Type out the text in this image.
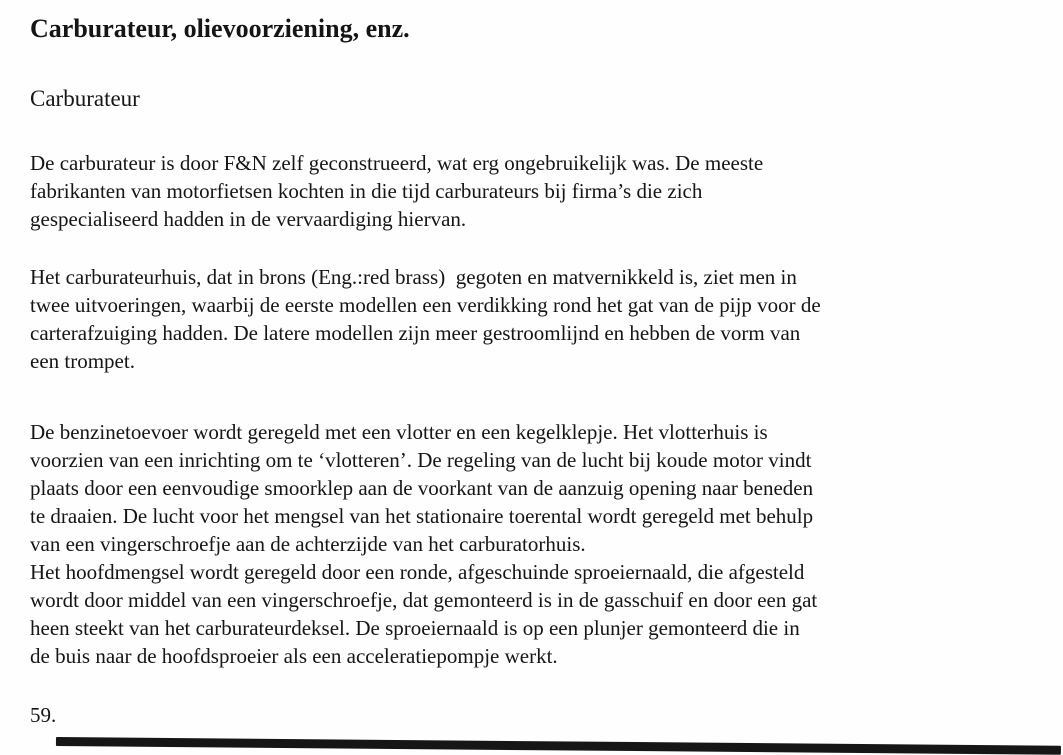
Carburateur, olievoorziening, enz.
Carburateur
De carburateur is door F&N zelf geconstrueerd, wat erg ongebruikelijk was. De meeste
fabrikanten van motorfietsen kochten in die tijd carburateurs bij firma’s die zich
gespecialiseerd hadden in de vervaardiging hiervan.
Het carburateurhuis, dat in brons (Eng.:red brass)  gegoten en matvernikkeld is, ziet men in
twee uitvoeringen, waarbij de eerste modellen een verdikking rond het gat van de pijp voor de
carterafzuiging hadden. De latere modellen zijn meer gestroomlijnd en hebben de vorm van
een trompet.
De benzinetoevoer wordt geregeld met een vlotter en een kegelklepje. Het vlotterhuis is
voorzien van een inrichting om te ‘vlotteren’. De regeling van de lucht bij koude motor vindt
plaats door een eenvoudige smoorklep aan de voorkant van de aanzuig opening naar beneden
te draaien. De lucht voor het mengsel van het stationaire toerental wordt geregeld met behulp
van een vingerschroefje aan de achterzijde van het carburatorhuis.
Het hoofdmengsel wordt geregeld door een ronde, afgeschuinde sproeiernaald, die afgesteld
wordt door middel van een vingerschroefje, dat gemonteerd is in de gasschuif en door een gat
heen steekt van het carburateurdeksel. De sproeiernaald is op een plunjer gemonteerd die in
de buis naar de hoofdsproeier als een acceleratiepompje werkt.
59.
